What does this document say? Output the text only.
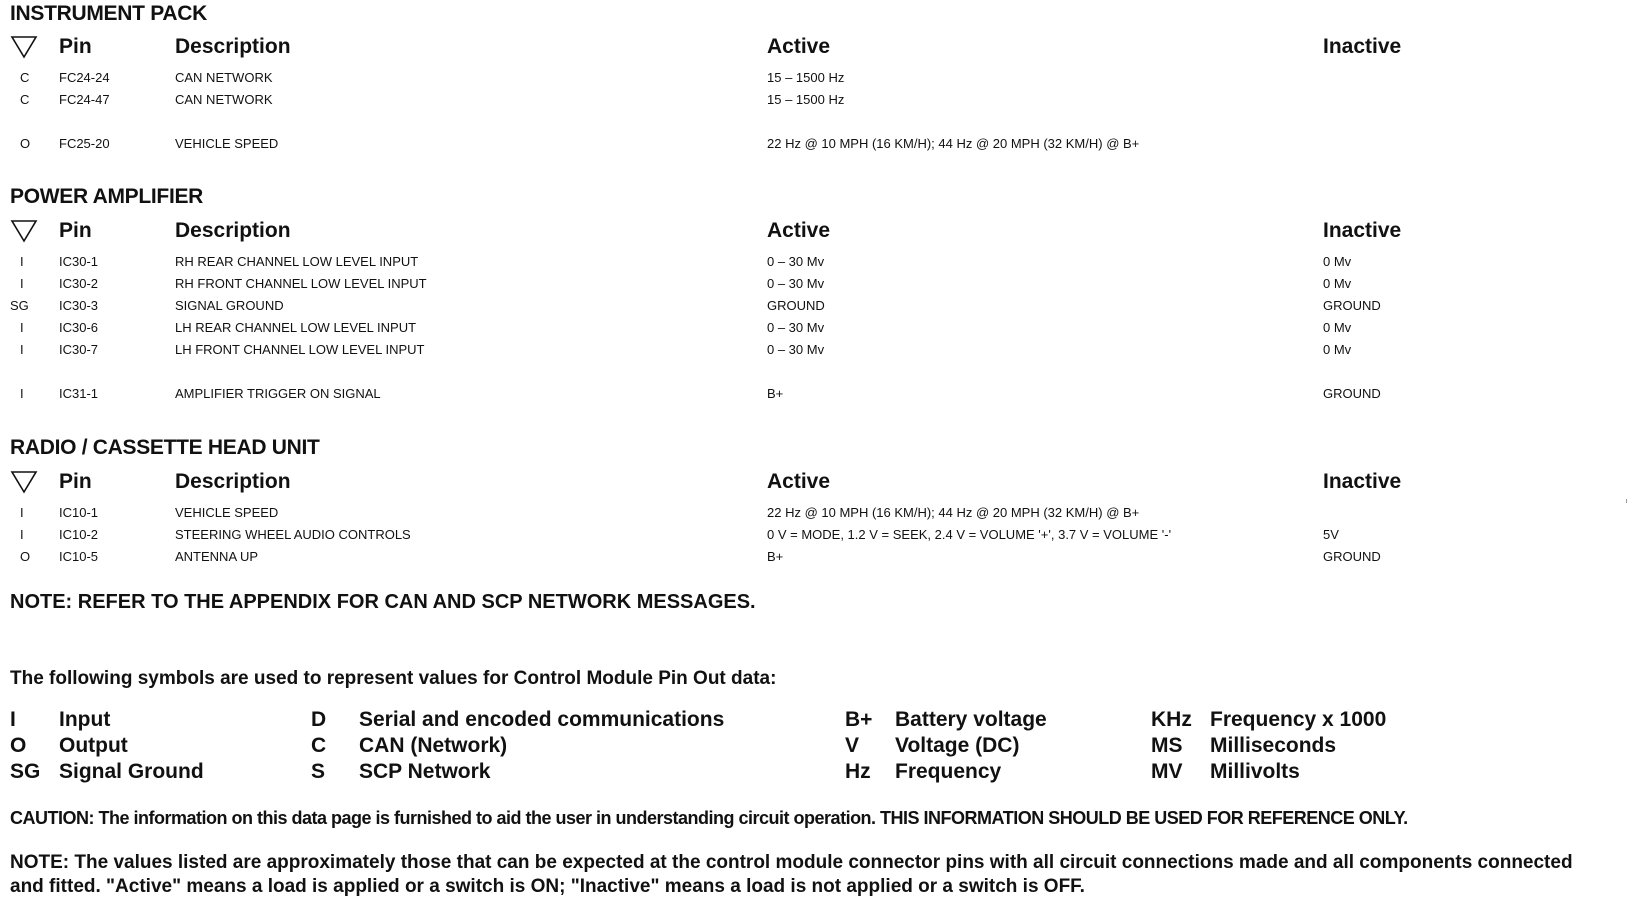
INSTRUMENT PACK
Pin	Description	Active	Inactive
C	FC24-24	CAN NETWORK	15 – 1500 Hz
C	FC24-47	CAN NETWORK	15 – 1500 Hz
O	FC25-20	VEHICLE SPEED	22 Hz @ 10 MPH (16 KM/H); 44 Hz @ 20 MPH (32 KM/H) @ B+
POWER AMPLIFIER
Pin	Description	Active	Inactive
I	IC30-1	RH REAR CHANNEL LOW LEVEL INPUT	0 – 30 Mv	0 Mv
I	IC30-2	RH FRONT CHANNEL LOW LEVEL INPUT	0 – 30 Mv	0 Mv
SG	IC30-3	SIGNAL GROUND	GROUND	GROUND
I	IC30-6	LH REAR CHANNEL LOW LEVEL INPUT	0 – 30 Mv	0 Mv
I	IC30-7	LH FRONT CHANNEL LOW LEVEL INPUT	0 – 30 Mv	0 Mv
I	IC31-1	AMPLIFIER TRIGGER ON SIGNAL	B+	GROUND
RADIO / CASSETTE HEAD UNIT
Pin	Description	Active	Inactive
I	IC10-1	VEHICLE SPEED	22 Hz @ 10 MPH (16 KM/H); 44 Hz @ 20 MPH (32 KM/H) @ B+
I	IC10-2	STEERING WHEEL AUDIO CONTROLS	0 V = MODE, 1.2 V = SEEK, 2.4 V = VOLUME '+', 3.7 V = VOLUME '-'	5V
O	IC10-5	ANTENNA UP	B+	GROUND
NOTE: REFER TO THE APPENDIX FOR CAN AND SCP NETWORK MESSAGES.
The following symbols are used to represent values for Control Module Pin Out data:
I Input
O Output
SG Signal Ground
D Serial and encoded communications
C CAN (Network)
S SCP Network
B+ Battery voltage
V Voltage (DC)
Hz Frequency
KHz Frequency x 1000
MS Milliseconds
MV Millivolts
CAUTION: The information on this data page is furnished to aid the user in understanding circuit operation. THIS INFORMATION SHOULD BE USED FOR REFERENCE ONLY.
NOTE: The values listed are approximately those that can be expected at the control module connector pins with all circuit connections made and all components connected and fitted. "Active" means a load is applied or a switch is ON; "Inactive" means a load is not applied or a switch is OFF.
